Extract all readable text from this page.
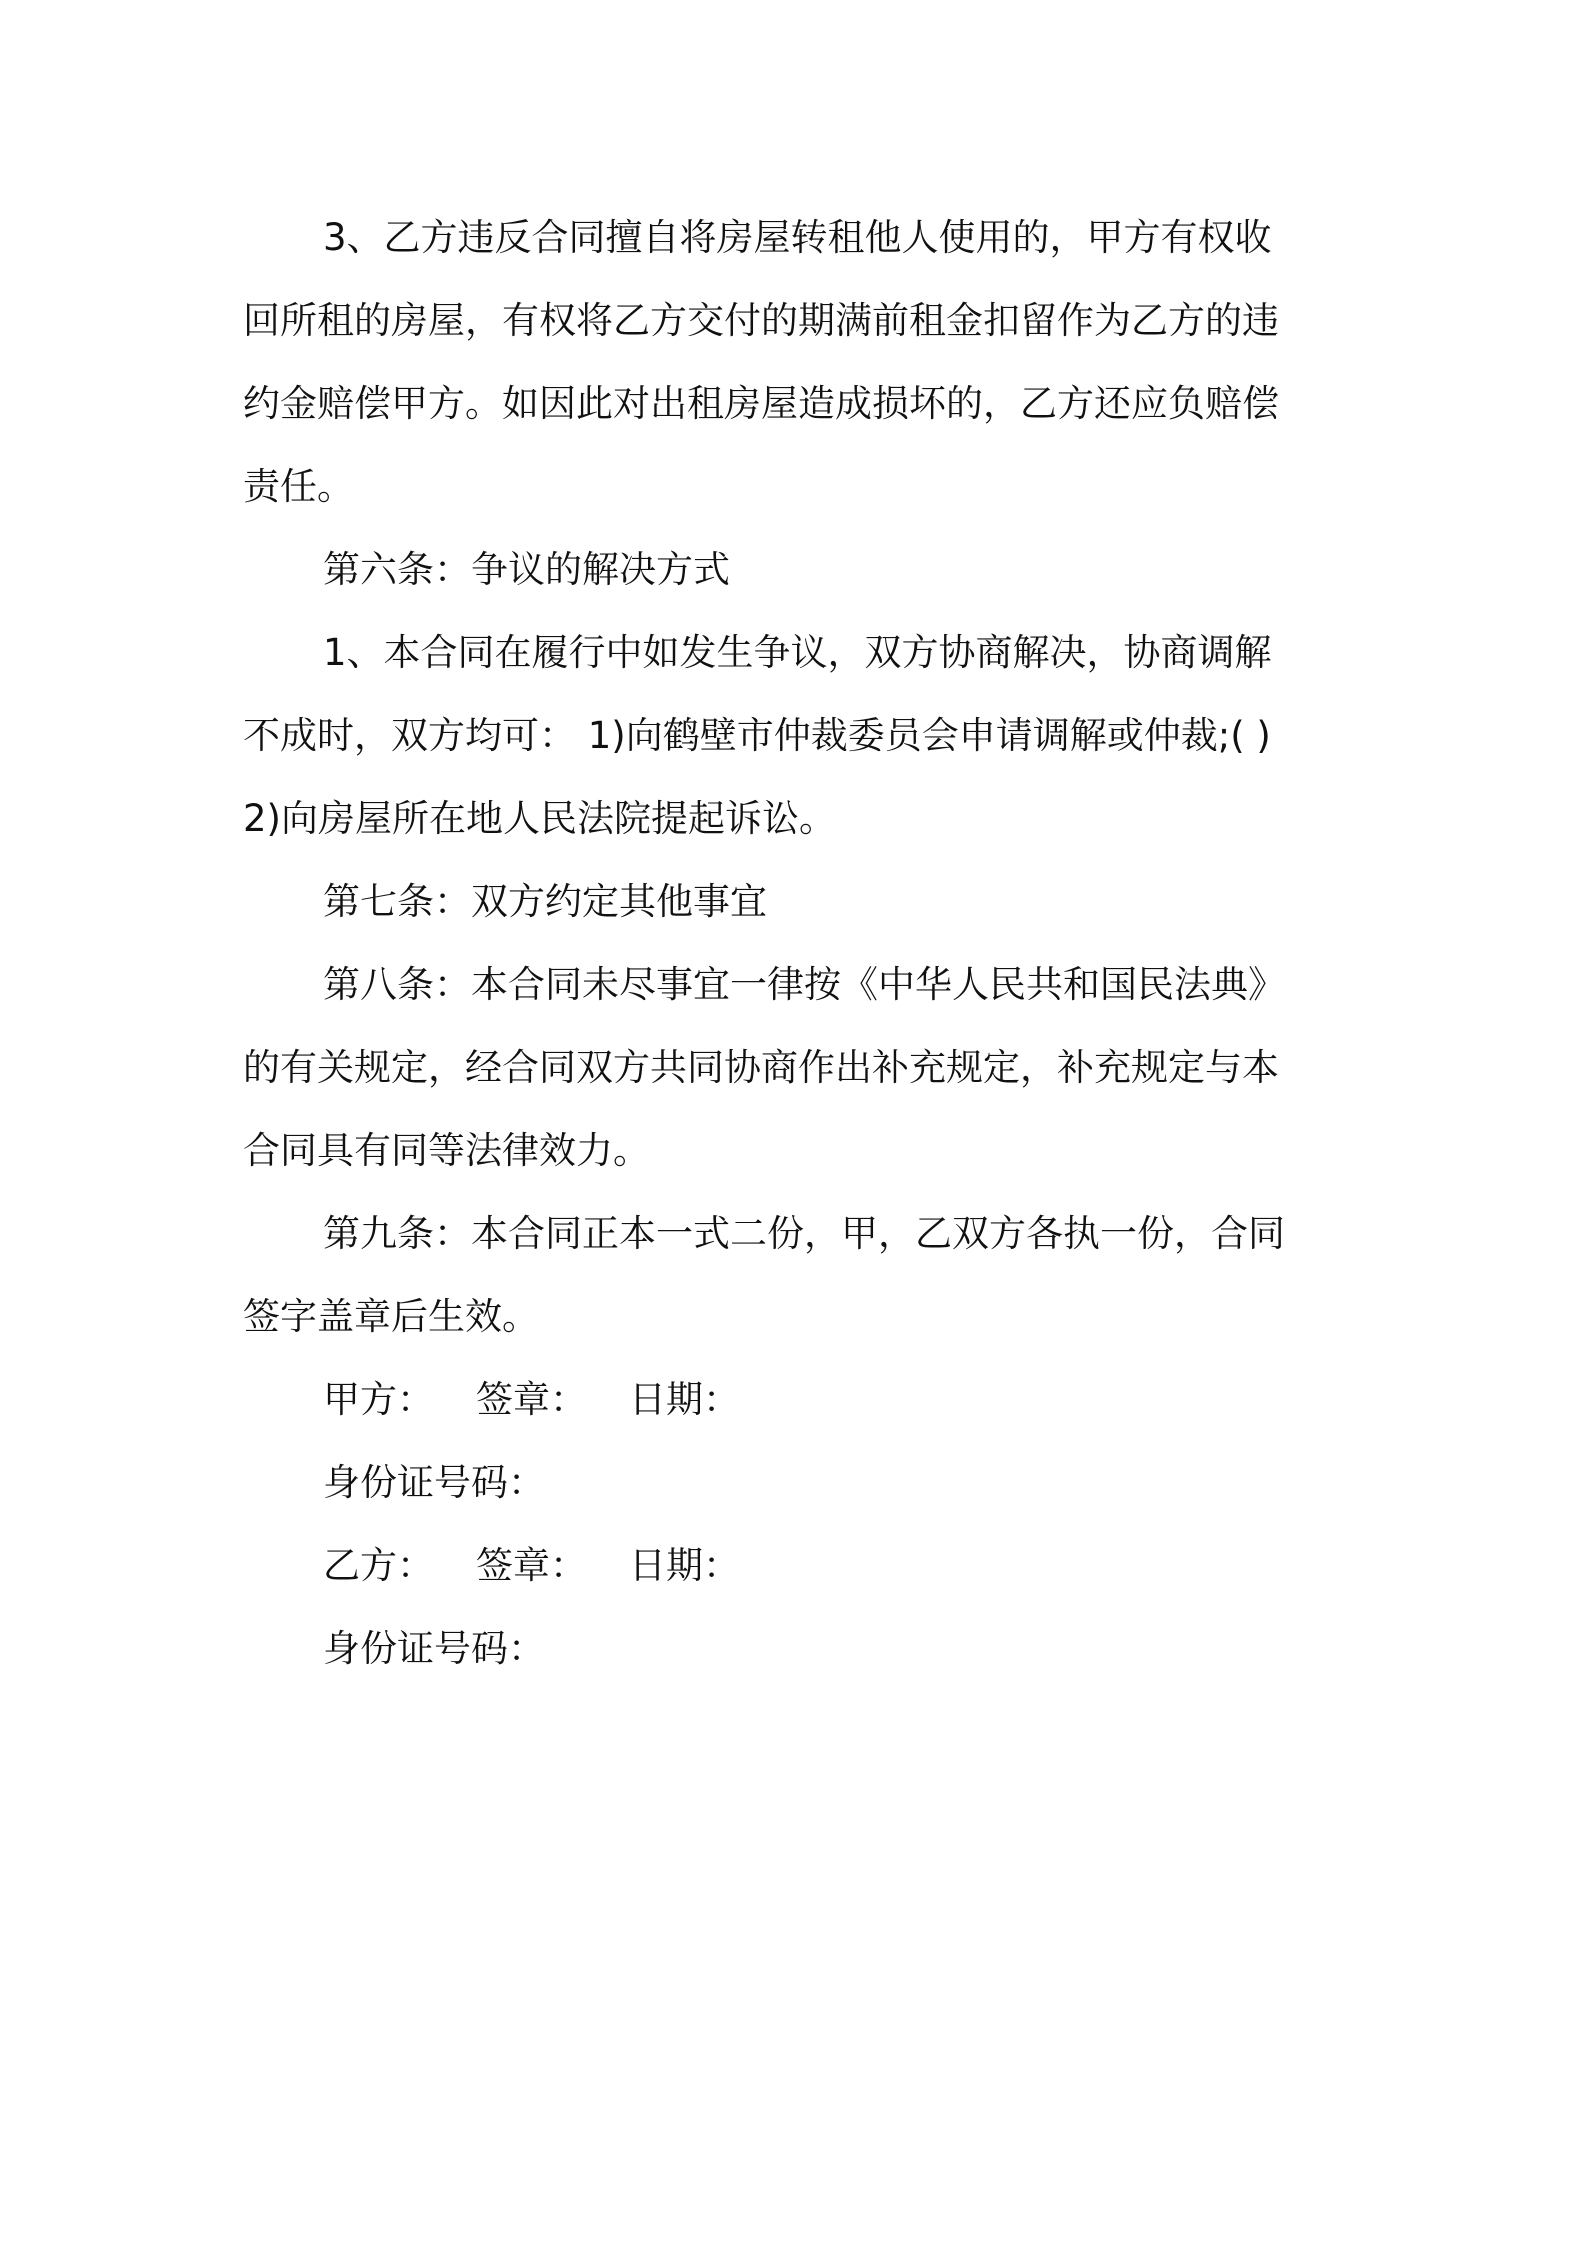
3、乙方违反合同擅自将房屋转租他人使用的，甲方有权收
回所租的房屋，有权将乙方交付的期满前租金扣留作为乙方的违
约金赔偿甲方。如因此对出租房屋造成损坏的，乙方还应负赔偿
责任。

第六条：争议的解决方式

1、本合同在履行中如发生争议，双方协商解决，协商调解
不成时，双方均可： 1)向鹤壁市仲裁委员会申请调解或仲裁;( )
2)向房屋所在地人民法院提起诉讼。

第七条：双方约定其他事宜

第八条：本合同未尽事宜一律按《中华人民共和国民法典》
的有关规定，经合同双方共同协商作出补充规定，补充规定与本
合同具有同等法律效力。

第九条：本合同正本一式二份，甲，乙双方各执一份，合同
签字盖章后生效。

甲方： 签章： 日期：

身份证号码：

乙方： 签章： 日期：

身份证号码：
